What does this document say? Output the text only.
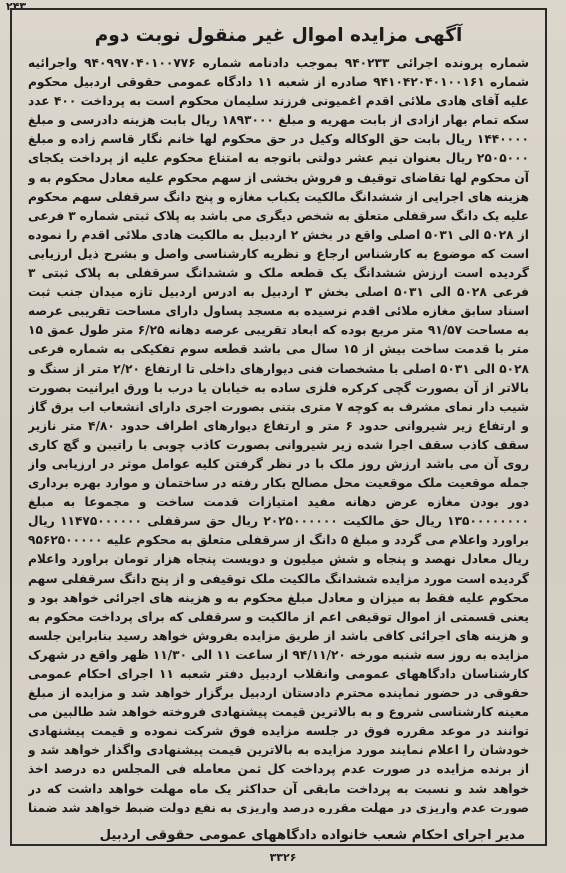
۲۴۳
آگهی مزایده اموال غیر منقول نوبت دوم
شماره پرونده اجرائی ۹۴۰۲۳۳ بموجب دادنامه شماره ۹۴۰۹۹۷۰۴۰۱۰۰۷۷۶ واجرائیه شماره ۹۴۱۰۴۲۰۴۰۱۰۰۱۶۱ صادره از شعبه ۱۱ دادگاه عمومی حقوقی اردبیل محکوم علیه آقای هادی ملائی اقدم اغمیونی فرزند سلیمان محکوم است به پرداخت ۴۰۰ عدد سکه تمام بهار ازادی از بابت مهریه و مبلغ ۱۸۹۳۰۰۰ ریال بابت هزینه دادرسی و مبلغ ۱۴۴۰۰۰۰ ریال بابت حق الوکاله وکیل در حق محکوم لها خانم نگار قاسم زاده و مبلغ ۲۵۰۵۰۰۰ ریال بعنوان نیم عشر دولتی باتوجه به امتناع محکوم علیه از پرداخت یکجای آن محکوم لها تقاضای توقیف و فروش بخشی از سهم محکوم علیه معادل محکوم به و هزینه های اجرایی از ششدانگ مالکیت یکباب مغازه و پنج دانگ سرقفلی سهم محکوم علیه یک دانگ سرقفلی متعلق به شخص دیگری می باشد به پلاک ثبتی شماره ۳ فرعی از ۵۰۲۸ الی ۵۰۳۱ اصلی واقع در بخش ۲ اردبیل به مالکیت هادی ملائی اقدم را نموده است که موضوع به کارشناس ارجاع و نظریه کارشناسی واصل و بشرح ذیل ارزیابی گردیده است ارزش ششدانگ یک قطعه ملک و ششدانگ سرقفلی به پلاک ثبتی ۳ فرعی ۵۰۲۸ الی ۵۰۳۱ اصلی بخش ۳ اردبیل به ادرس اردبیل تازه میدان جنب ثبت اسناد سابق مغازه ملائی اقدم نرسیده به مسجد پساول دارای مساحت تقریبی عرصه به مساحت ۹۱/۵۷ متر مربع بوده که ابعاد تقریبی عرصه دهانه ۶/۲۵ متر طول عمق ۱۵ متر با قدمت ساخت بیش از ۱۵ سال می باشد قطعه سوم تفکیکی به شماره فرعی ۵۰۲۸ الی ۵۰۳۱ اصلی با مشخصات فنی دیوارهای داخلی تا ارتفاع ۲/۲۰ متر از سنگ و بالاتر از آن بصورت گچی کرکره فلزی ساده به خیابان یا درب با ورق ایرانیت بصورت شیب دار نمای مشرف به کوچه ۷ متری بتنی بصورت اجری دارای انشعاب اب برق گاز و ارتفاع زیر شیروانی حدود ۶ متر و ارتفاع دیوارهای اطراف حدود ۴/۸۰ متر نازیر سقف کاذب سقف اجرا شده زیر شیروانی بصورت کاذب چوبی با راتیبن و گچ کاری روی آن می باشد ارزش روز ملک با در نظر گرفتن کلیه عوامل موثر در ارزیابی واز جمله موقعیت ملک موقعیت محل مصالح بکار رفته در ساختمان و موارد بهره برداری دور بودن مغازه عرض دهانه مفید امتیازات قدمت ساخت و مجموعا به مبلغ ۱۳۵۰۰۰۰۰۰۰۰ ریال حق مالکیت ۲۰۲۵۰۰۰۰۰۰ ریال حق سرقفلی ۱۱۴۷۵۰۰۰۰۰۰ ریال براورد واعلام می گردد و مبلغ ۵ دانگ از سرقفلی متعلق به محکوم علیه ۹۵۶۲۵۰۰۰۰۰ ریال معادل نهصد و پنجاه و شش میلیون و دویست پنجاه هزار تومان براورد واعلام گردیده است مورد مزایده ششدانگ مالکیت ملک توقیفی و از پنج دانگ سرقفلی سهم محکوم علیه فقط به میزان و معادل مبلغ محکوم به و هزینه های اجرائی خواهد بود و یعنی قسمتی از اموال توقیفی اعم از مالکیت و سرقفلی که برای پرداخت محکوم به و هزینه های اجرائی کافی باشد از طریق مزایده بفروش خواهد رسید بنابراین جلسه مزایده به روز سه شنبه مورخه ۹۴/۱۱/۲۰ از ساعت ۱۱ الی ۱۱/۳۰ ظهر واقع در شهرک کارشناسان دادگاههای عمومی وانقلاب اردبیل دفتر شعبه ۱۱ اجرای احکام عمومی حقوقی در حضور نماینده محترم دادستان اردبیل برگزار خواهد شد و مزایده از مبلغ معینه کارشناسی شروع و به بالاترین قیمت پیشنهادی فروخته خواهد شد طالبین می توانند در موعد مقرره فوق در جلسه مزایده فوق شرکت نموده و قیمت پیشنهادی خودشان را اعلام نمایند مورد مزایده به بالاترین قیمت پیشنهادی واگذار خواهد شد و از برنده مزایده در صورت عدم پرداخت کل ثمن معامله فی المجلس ده درصد اخذ خواهد شد و نسبت به پرداخت مابقی آن حداکثر یک ماه مهلت خواهد داشت که در صورت عدم واریزی در مهلت مقرره درصد واریزی به نفع دولت ضبط خواهد شد ضمنا
مدیر اجرای احکام شعب خانواده دادگاههای عمومی حقوقی اردبیل
۳۳۲۶
